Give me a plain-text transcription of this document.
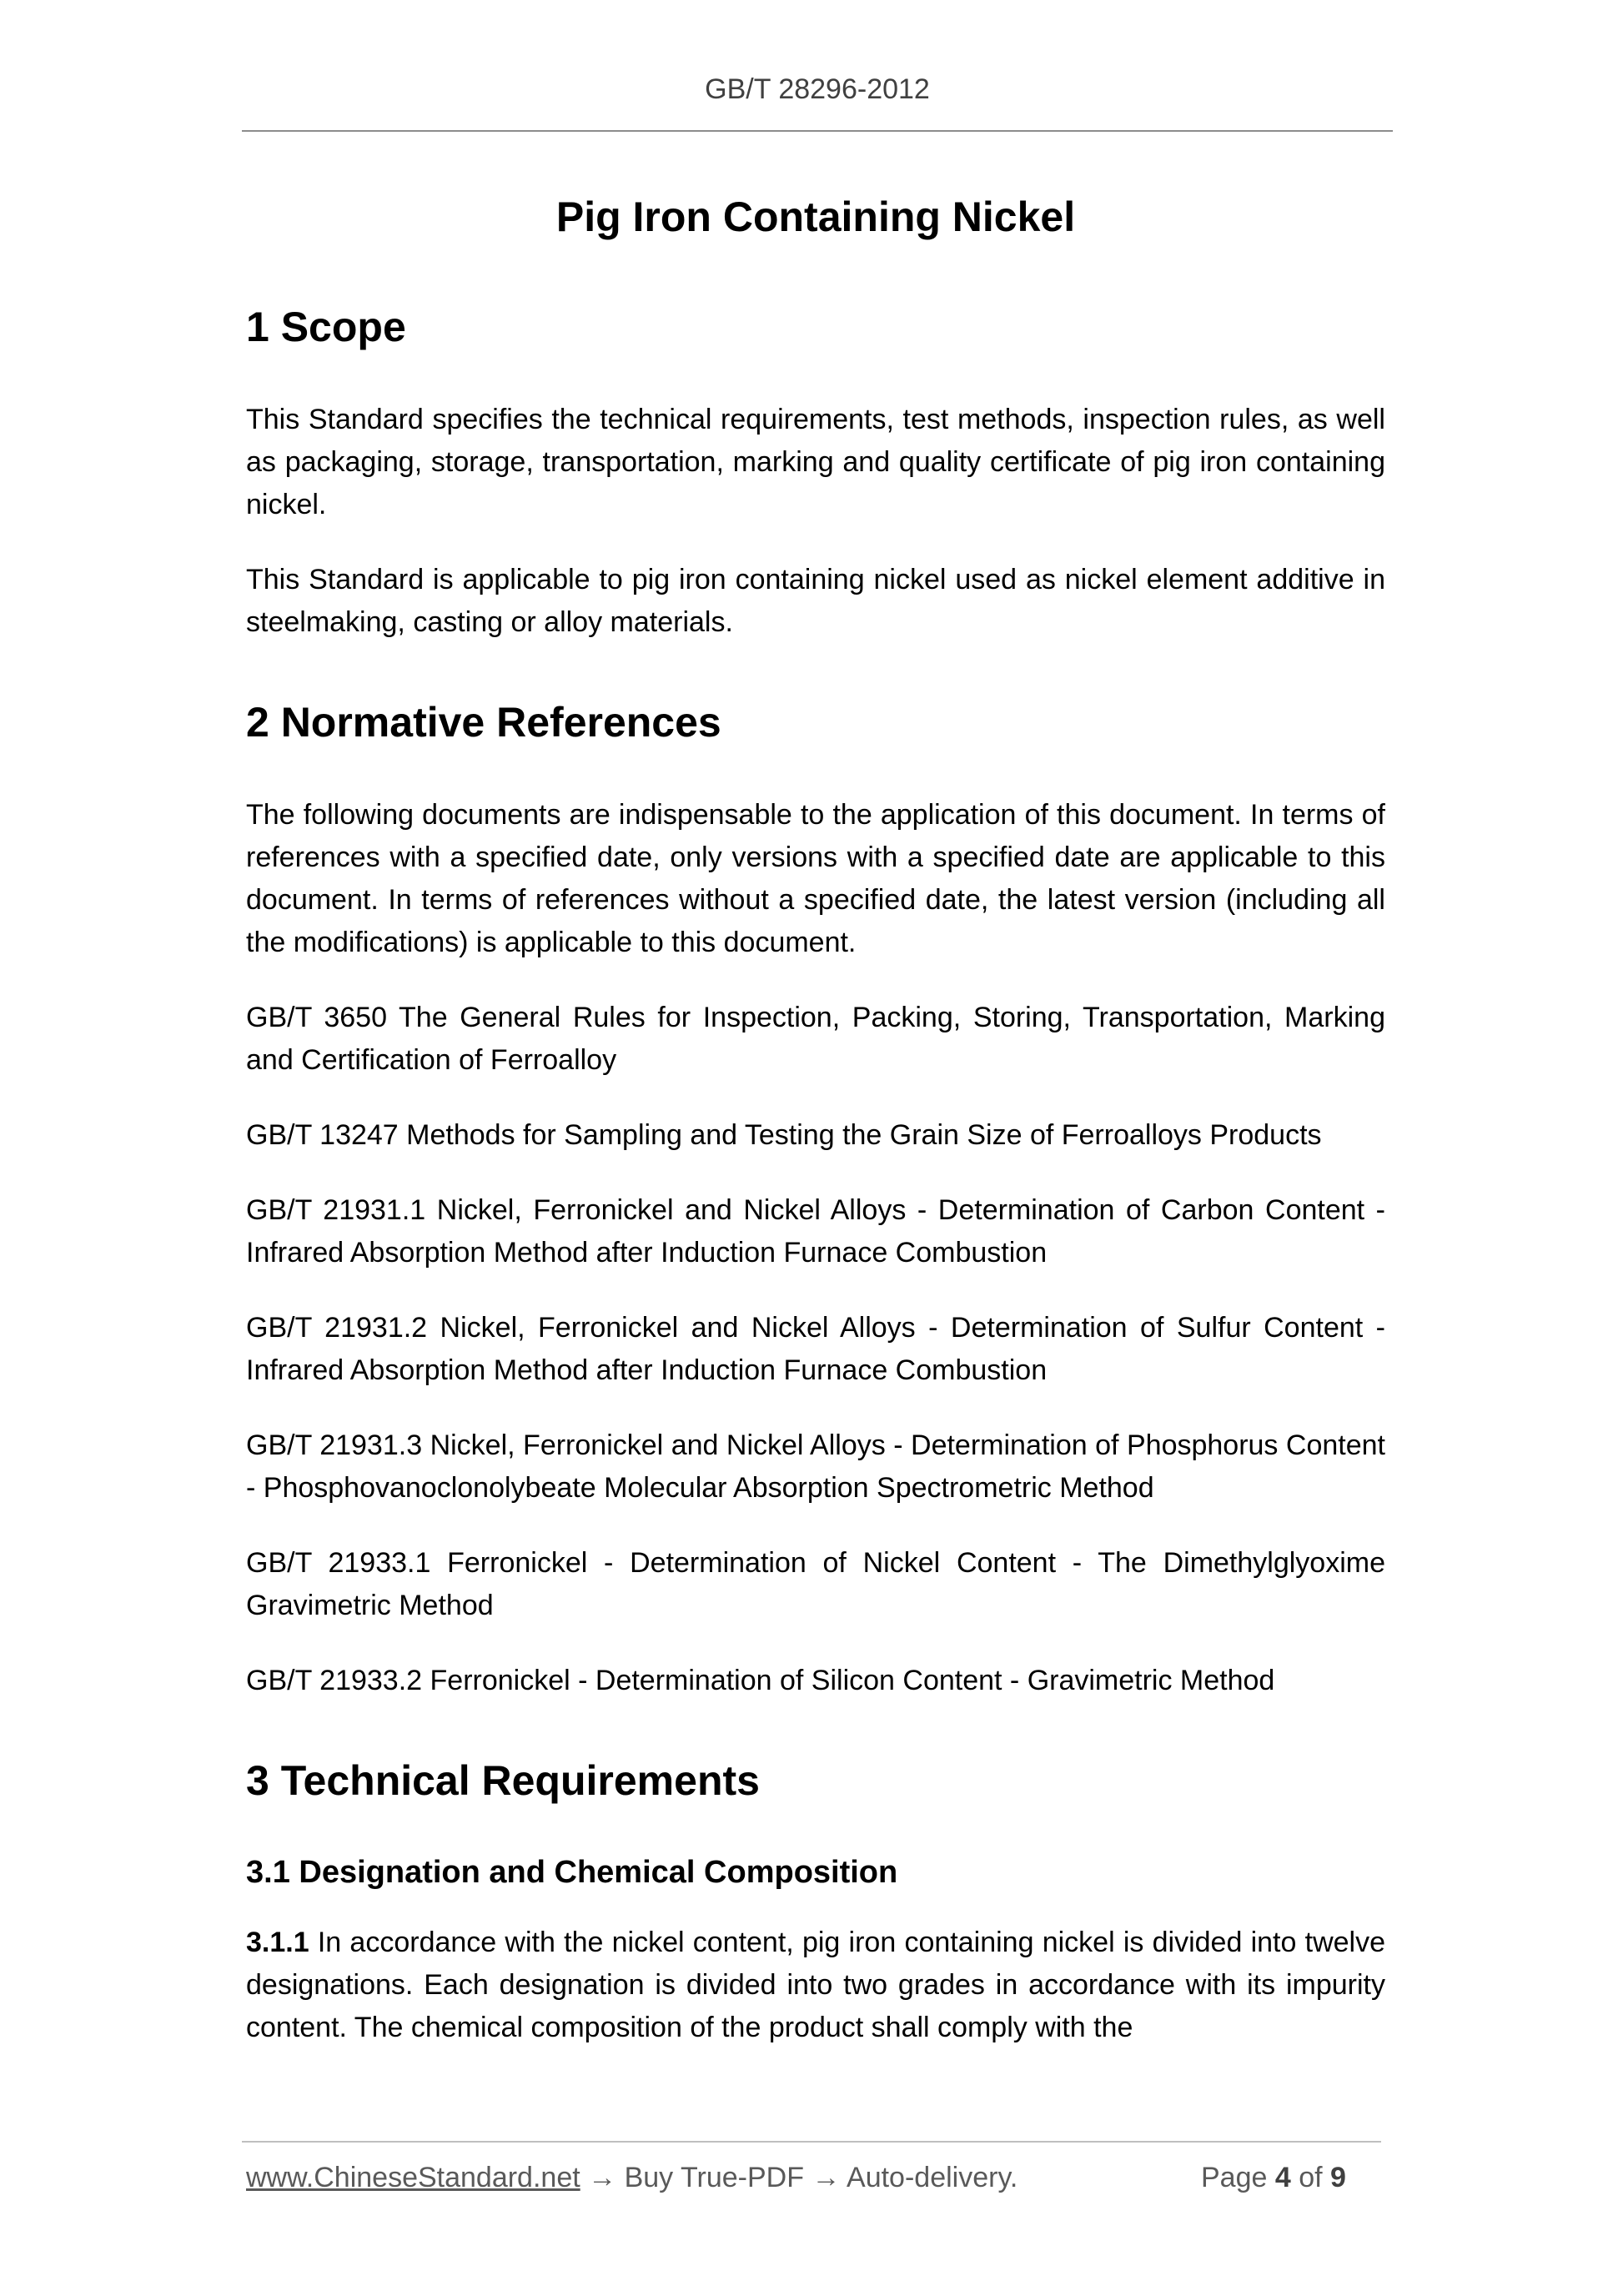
GB/T 28296-2012
Pig Iron Containing Nickel
1 Scope

This Standard specifies the technical requirements, test methods, inspection rules, as well as packaging, storage, transportation, marking and quality certificate of pig iron containing nickel.

This Standard is applicable to pig iron containing nickel used as nickel element additive in steelmaking, casting or alloy materials.

2 Normative References

The following documents are indispensable to the application of this document. In terms of references with a specified date, only versions with a specified date are applicable to this document. In terms of references without a specified date, the latest version (including all the modifications) is applicable to this document.

GB/T 3650 The General Rules for Inspection, Packing, Storing, Transportation, Marking and Certification of Ferroalloy

GB/T 13247 Methods for Sampling and Testing the Grain Size of Ferroalloys Products

GB/T 21931.1 Nickel, Ferronickel and Nickel Alloys - Determination of Carbon Content - Infrared Absorption Method after Induction Furnace Combustion

GB/T 21931.2 Nickel, Ferronickel and Nickel Alloys - Determination of Sulfur Content - Infrared Absorption Method after Induction Furnace Combustion

GB/T 21931.3 Nickel, Ferronickel and Nickel Alloys - Determination of Phosphorus Content - Phosphovanoclonolybeate Molecular Absorption Spectrometric Method

GB/T 21933.1 Ferronickel - Determination of Nickel Content - The Dimethylglyoxime Gravimetric Method

GB/T 21933.2 Ferronickel - Determination of Silicon Content - Gravimetric Method

3 Technical Requirements
3.1 Designation and Chemical Composition

3.1.1 In accordance with the nickel content, pig iron containing nickel is divided into twelve designations. Each designation is divided into two grades in accordance with its impurity content. The chemical composition of the product shall comply with the

www.ChineseStandard.net → Buy True-PDF → Auto-delivery.	Page 4 of 9
